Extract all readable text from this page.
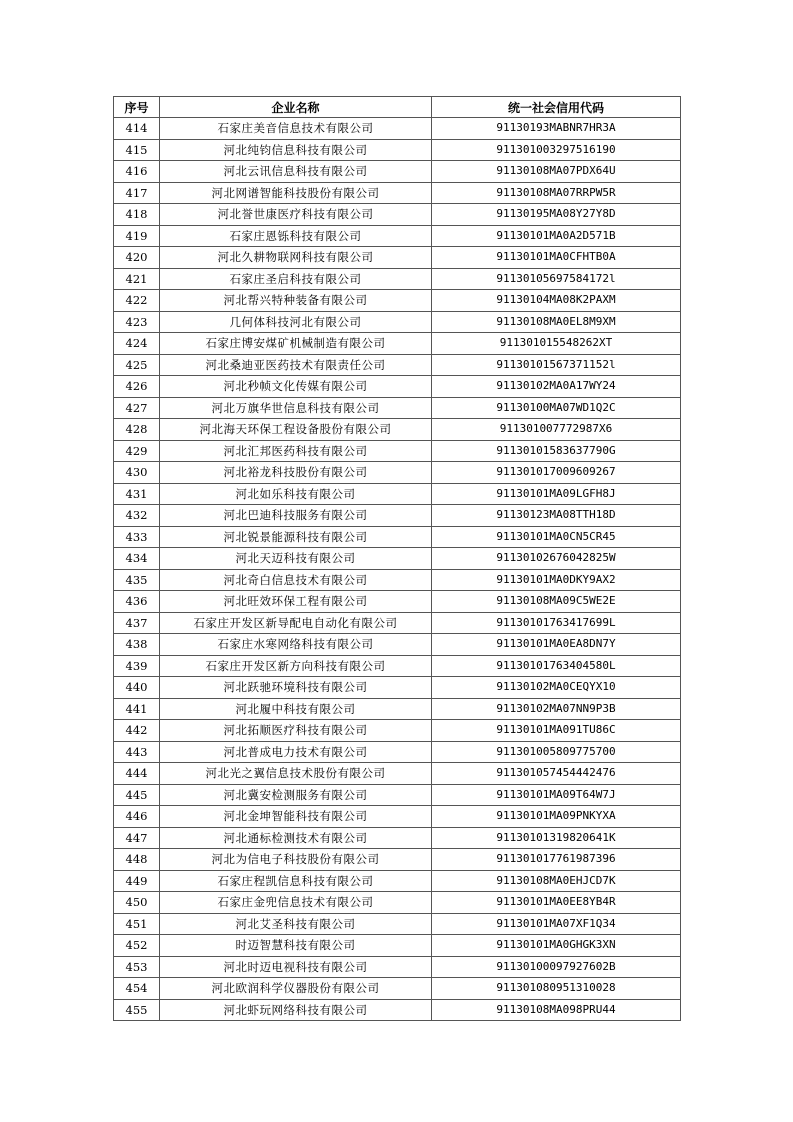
序号	企业名称	统一社会信用代码
414	石家庄美音信息技术有限公司	91130193MABNR7HR3A
415	河北纯钧信息科技有限公司	911301003297516190
416	河北云讯信息科技有限公司	91130108MA07PDX64U
417	河北网谱智能科技股份有限公司	91130108MA07RRPW5R
418	河北誉世康医疗科技有限公司	91130195MA08Y27Y8D
419	石家庄恩铄科技有限公司	91130101MA0A2D571B
420	河北久耕物联网科技有限公司	91130101MA0CFHTB0A
421	石家庄圣启科技有限公司	91130105697584172l
422	河北帮兴特种装备有限公司	91130104MA08K2PAXM
423	几何体科技河北有限公司	91130108MA0EL8M9XM
424	石家庄博安煤矿机械制造有限公司	911301015548262XT
425	河北桑迪亚医药技术有限责任公司	91130101567371152l
426	河北秒帧文化传媒有限公司	91130102MA0A17WY24
427	河北万旗华世信息科技有限公司	91130100MA07WD1Q2C
428	河北海天环保工程设备股份有限公司	911301007772987X6
429	河北汇邦医药科技有限公司	91130101583637790G
430	河北裕龙科技股份有限公司	911301017009609267
431	河北如乐科技有限公司	91130101MA09LGFH8J
432	河北巴迪科技服务有限公司	91130123MA08TTH18D
433	河北锐景能源科技有限公司	91130101MA0CN5CR45
434	河北天迈科技有限公司	91130102676042825W
435	河北奇白信息技术有限公司	91130101MA0DKY9AX2
436	河北旺效环保工程有限公司	91130108MA09C5WE2E
437	石家庄开发区新导配电自动化有限公司	91130101763417699L
438	石家庄水寒网络科技有限公司	91130101MA0EA8DN7Y
439	石家庄开发区新方向科技有限公司	91130101763404580L
440	河北跃驰环境科技有限公司	91130102MA0CEQYX10
441	河北履中科技有限公司	91130102MA07NN9P3B
442	河北拓顺医疗科技有限公司	91130101MA091TU86C
443	河北普成电力技术有限公司	911301005809775700
444	河北光之翼信息技术股份有限公司	911301057454442476
445	河北冀安检测服务有限公司	91130101MA09T64W7J
446	河北金坤智能科技有限公司	91130101MA09PNKYXA
447	河北通标检测技术有限公司	91130101319820641K
448	河北为信电子科技股份有限公司	911301017761987396
449	石家庄程凯信息科技有限公司	91130108MA0EHJCD7K
450	石家庄金兜信息技术有限公司	91130101MA0EE8YB4R
451	河北艾圣科技有限公司	91130101MA07XF1Q34
452	时迈智慧科技有限公司	91130101MA0GHGK3XN
453	河北时迈电视科技有限公司	91130100097927602B
454	河北欧润科学仪器股份有限公司	911301080951310028
455	河北虾玩网络科技有限公司	91130108MA098PRU44
